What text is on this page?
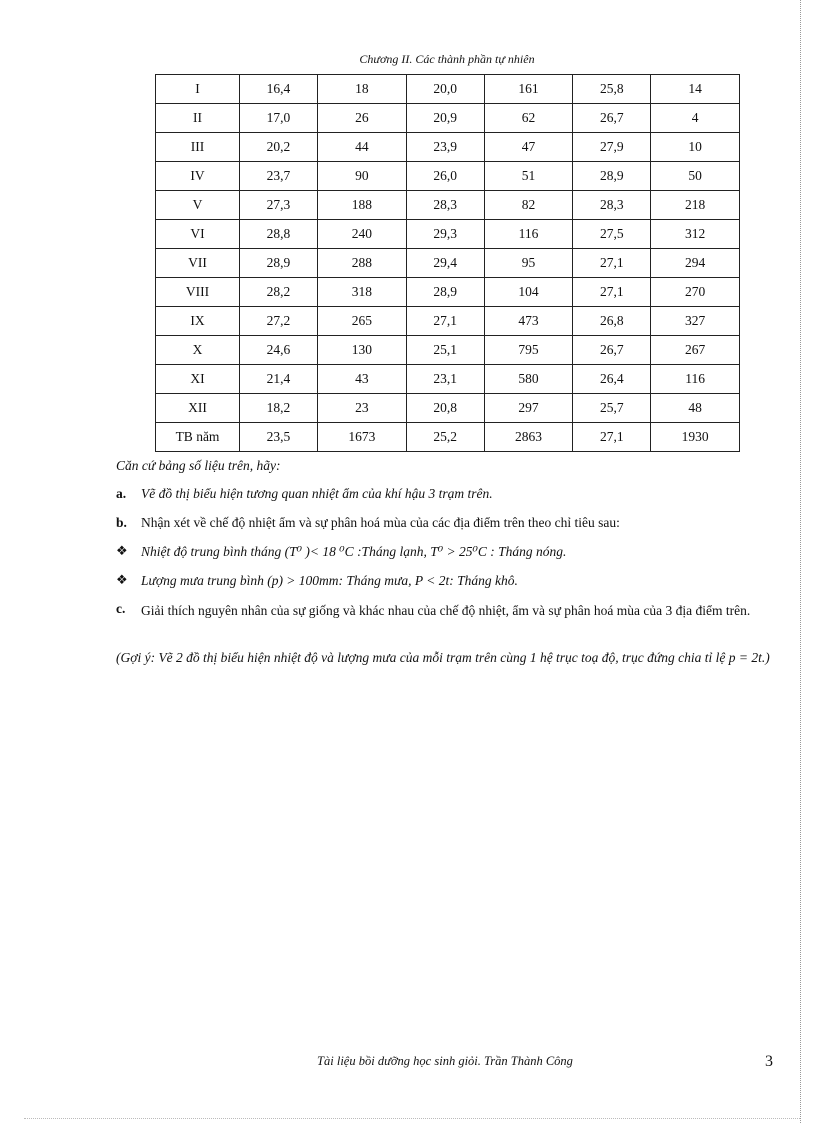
Chương II. Các thành phần tự nhiên
I	16,4	18	20,0	161	25,8	14
II	17,0	26	20,9	62	26,7	4
III	20,2	44	23,9	47	27,9	10
IV	23,7	90	26,0	51	28,9	50
V	27,3	188	28,3	82	28,3	218
VI	28,8	240	29,3	116	27,5	312
VII	28,9	288	29,4	95	27,1	294
VIII	28,2	318	28,9	104	27,1	270
IX	27,2	265	27,1	473	26,8	327
X	24,6	130	25,1	795	26,7	267
XI	21,4	43	23,1	580	26,4	116
XII	18,2	23	20,8	297	25,7	48
TB năm	23,5	1673	25,2	2863	27,1	1930
Căn cứ bảng số liệu trên, hãy:
a. Vẽ đồ thị biểu hiện tương quan nhiệt ẩm của khí hậu 3 trạm trên.
b. Nhận xét về chế độ nhiệt ẩm và sự phân hoá mùa của các địa điểm trên theo chỉ tiêu sau:
❖ Nhiệt độ trung bình tháng (T⁰ )< 18 ⁰C :Tháng lạnh, T⁰ > 25⁰C : Tháng nóng.
❖ Lượng mưa trung bình (p) > 100mm: Tháng mưa, P < 2t: Tháng khô.
c. Giải thích nguyên nhân của sự giống và khác nhau của chế độ nhiệt, ẩm và sự phân hoá mùa của 3 địa điểm trên.
(Gợi ý: Vẽ 2 đồ thị biểu hiện nhiệt độ và lượng mưa của mỗi trạm trên cùng 1 hệ trục toạ độ, trục đứng chia tỉ lệ p = 2t.)
Tài liệu bồi dưỡng học sinh giỏi. Trần Thành Công	3
